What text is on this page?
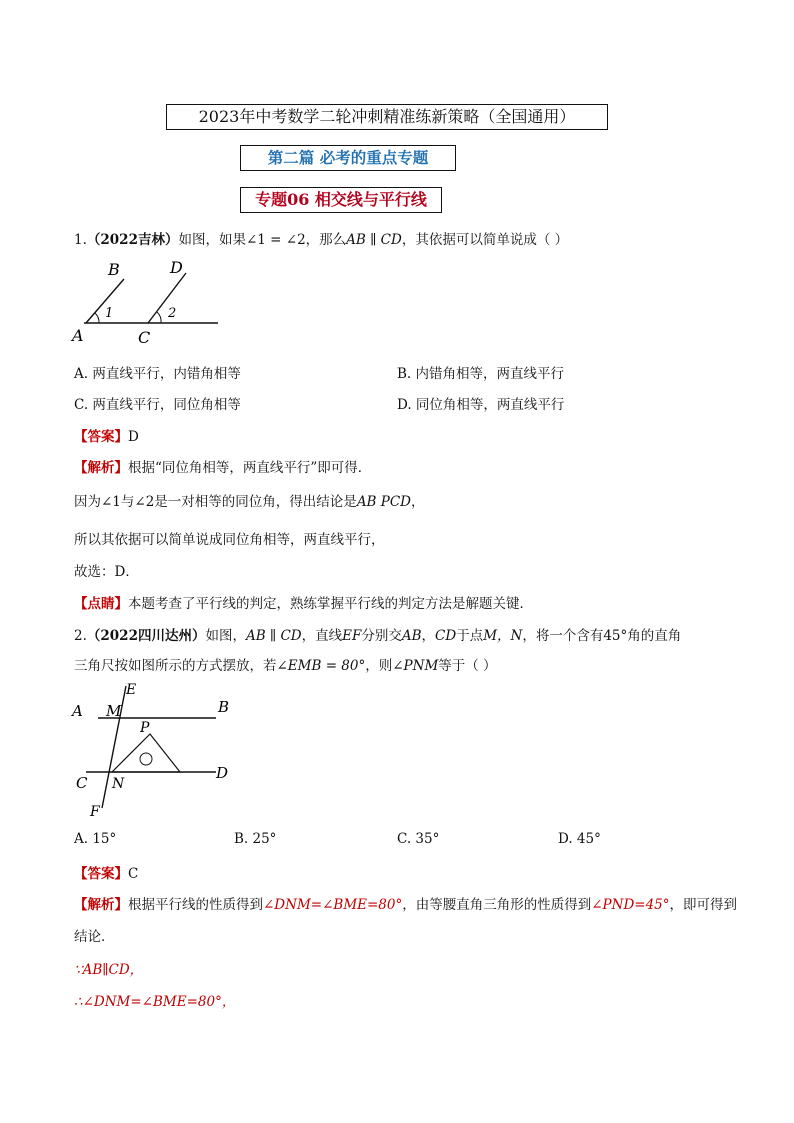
2023年中考数学二轮冲刺精准练新策略（全国通用）
第二篇 必考的重点专题
专题06 相交线与平行线
1.（2022吉林）如图，如果∠1 = ∠2，那么AB ∥ CD，其依据可以简单说成（ ）
B	D
A	C
1	2
A. 两直线平行，内错角相等	B. 内错角相等，两直线平行
C. 两直线平行，同位角相等	D. 同位角相等，两直线平行
【答案】D
【解析】根据“同位角相等，两直线平行”即可得．
因为∠1与∠2是一对相等的同位角，得出结论是AB PCD，
所以其依据可以简单说成同位角相等，两直线平行，
故选：D．
【点睛】本题考查了平行线的判定，熟练掌握平行线的判定方法是解题关键．
2.（2022四川达州）如图，AB ∥ CD，直线EF分别交AB，CD于点M，N，将一个含有45°角的直角
三角尺按如图所示的方式摆放，若∠EMB = 80°，则∠PNM等于（ ）
E
A M	B
P
C N
D
F
A. 15°	B. 25°	C. 35°	D. 45°
【答案】C
【解析】根据平行线的性质得到∠DNM=∠BME=80°，由等腰直角三角形的性质得到∠PND=45°，即可得到
结论．
∵AB∥CD，
∴∠DNM=∠BME=80°，
